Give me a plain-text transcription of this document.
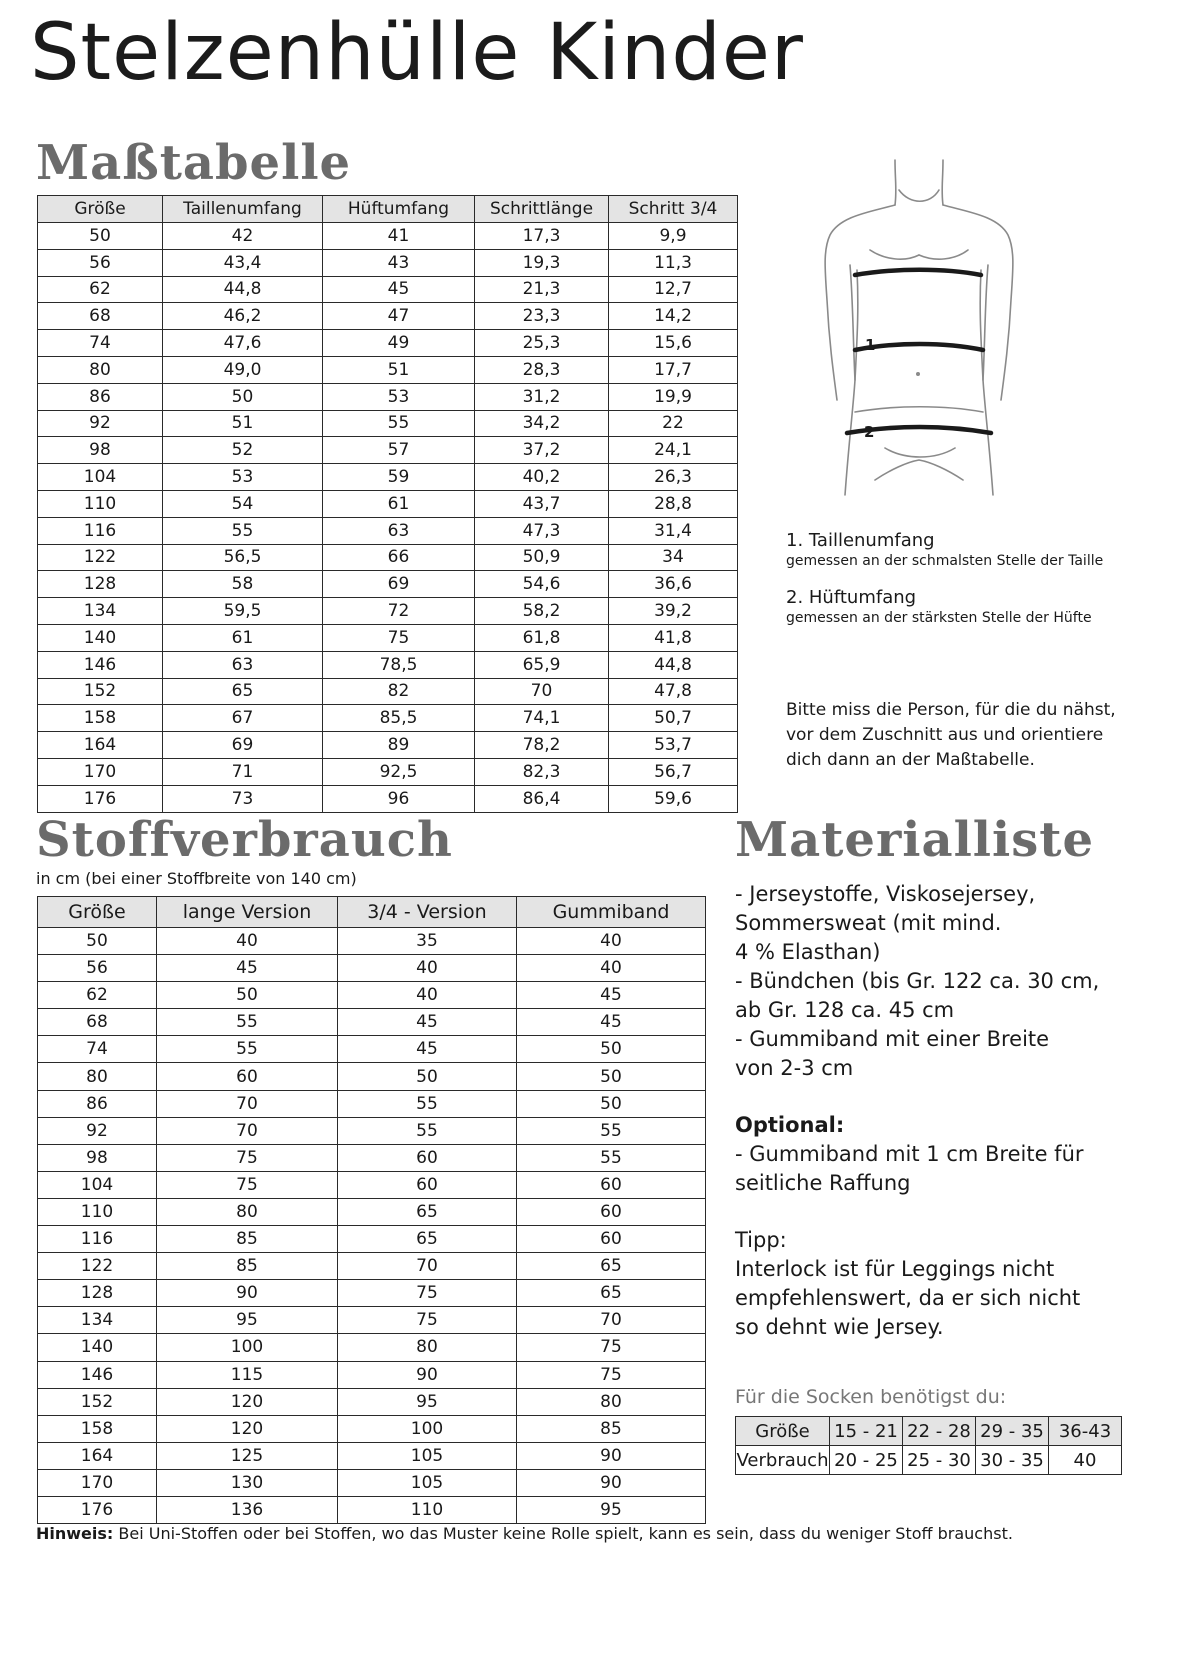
Stelzenhülle Kinder
Maßtabelle
Größe	Taillenumfang	Hüftumfang	Schrittlänge	Schritt 3/4
50	42	41	17,3	9,9
56	43,4	43	19,3	11,3
62	44,8	45	21,3	12,7
68	46,2	47	23,3	14,2
74	47,6	49	25,3	15,6
80	49,0	51	28,3	17,7
86	50	53	31,2	19,9
92	51	55	34,2	22
98	52	57	37,2	24,1
104	53	59	40,2	26,3
110	54	61	43,7	28,8
116	55	63	47,3	31,4
122	56,5	66	50,9	34
128	58	69	54,6	36,6
134	59,5	72	58,2	39,2
140	61	75	61,8	41,8
146	63	78,5	65,9	44,8
152	65	82	70	47,8
158	67	85,5	74,1	50,7
164	69	89	78,2	53,7
170	71	92,5	82,3	56,7
176	73	96	86,4	59,6
1
2
1. Taillenumfang
gemessen an der schmalsten Stelle der Taille
2. Hüftumfang
gemessen an der stärksten Stelle der Hüfte
Bitte miss die Person, für die du nähst, vor dem Zuschnitt aus und orientiere dich dann an der Maßtabelle.
Stoffverbrauch
in cm (bei einer Stoffbreite von 140 cm)
Größe	lange Version	3/4 - Version	Gummiband
50	40	35	40
56	45	40	40
62	50	40	45
68	55	45	45
74	55	45	50
80	60	50	50
86	70	55	50
92	70	55	55
98	75	60	55
104	75	60	60
110	80	65	60
116	85	65	60
122	85	70	65
128	90	75	65
134	95	75	70
140	100	80	75
146	115	90	75
152	120	95	80
158	120	100	85
164	125	105	90
170	130	105	90
176	136	110	95
Materialliste

- Jerseystoffe, Viskosejersey,

Sommersweat (mit mind.

4 % Elasthan)

- Bündchen (bis Gr. 122 ca. 30 cm,

ab Gr. 128 ca. 45 cm

- Gummiband mit einer Breite

von 2-3 cm

Optional:

- Gummiband mit 1 cm Breite für

seitliche Raffung

Tipp:

Interlock ist für Leggings nicht

empfehlenswert, da er sich nicht

so dehnt wie Jersey.

Für die Socken benötigst du:
Größe	15 - 21	22 - 28	29 - 35	36-43
Verbrauch	20 - 25	25 - 30	30 - 35	40
Hinweis: Bei Uni-Stoffen oder bei Stoffen, wo das Muster keine Rolle spielt, kann es sein, dass du weniger Stoff brauchst.
